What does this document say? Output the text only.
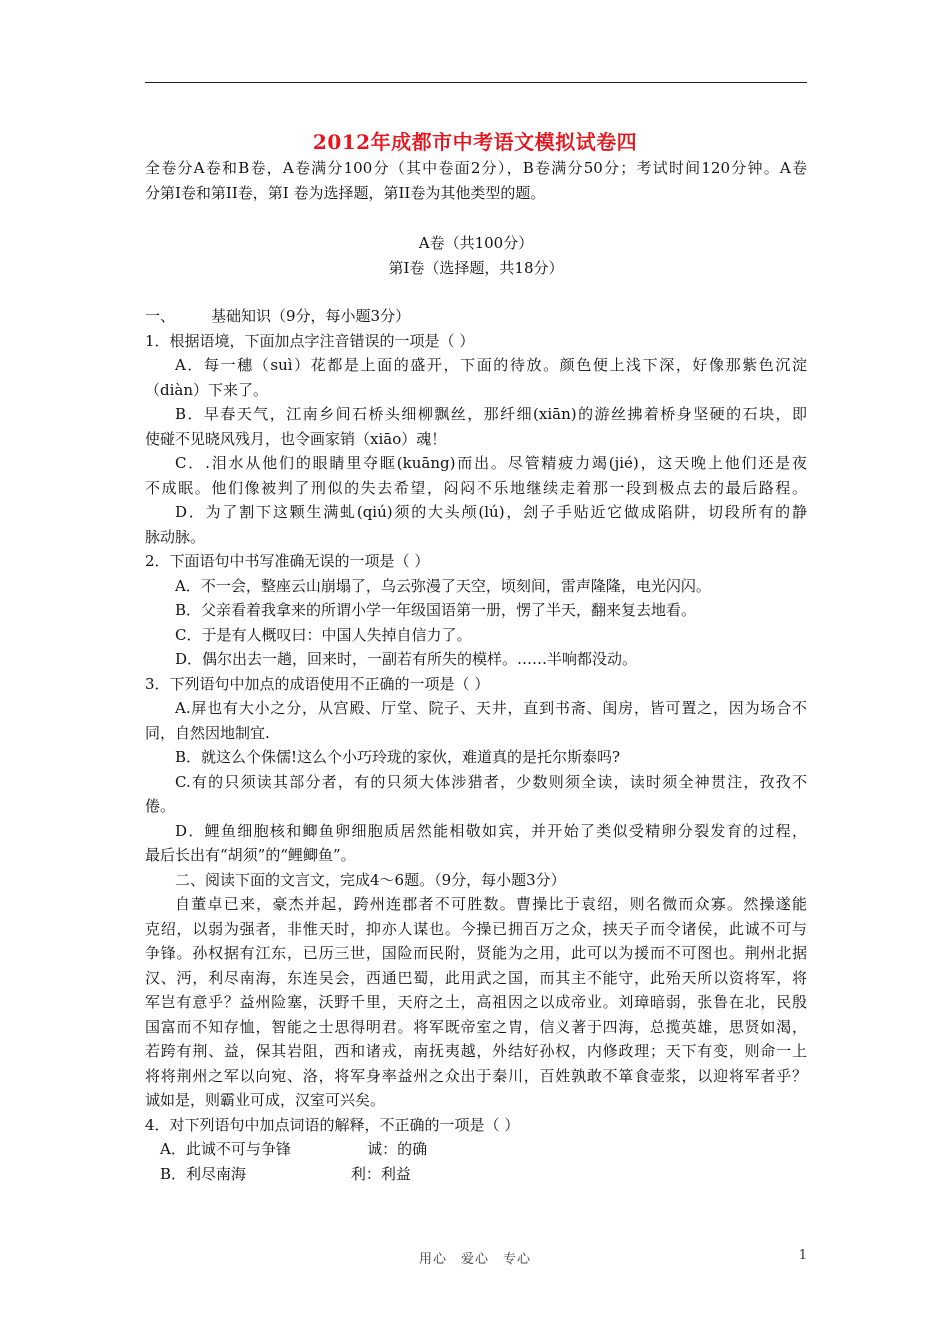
2012年成都市中考语文模拟试卷四
全卷分A卷和B卷，A卷满分100分（其中卷面2分），B卷满分50分；考试时间120分钟。A卷
分第Ⅰ卷和第II卷，第Ⅰ 卷为选择题，第II卷为其他类型的题。
A卷（共100分）
第Ⅰ卷（选择题，共18分）
一、 基础知识（9分，每小题3分）
1．根据语境，下面加点字注音错误的一项是（ ）
A．每一穗（suì）花都是上面的盛开，下面的待放。颜色便上浅下深，好像那紫色沉淀
（diàn）下来了。
B．早春天气，江南乡间石桥头细柳飘丝，那纤细(xiān)的游丝拂着桥身坚硬的石块，即
使碰不见晓风残月，也令画家销（xiāo）魂！
C．.泪水从他们的眼睛里夺眶(kuāng)而出。尽管精疲力竭(jié)，这天晚上他们还是夜
不成眠。他们像被判了刑似的失去希望，闷闷不乐地继续走着那一段到极点去的最后路程。
D．为了割下这颗生满虬(qiú)须的大头颅(lú)，刽子手贴近它做成陷阱，切段所有的静
脉动脉。
2．下面语句中书写准确无误的一项是（ ）
A．不一会，整座云山崩塌了，乌云弥漫了天空，顷刻间，雷声隆隆，电光闪闪。
B．父亲看着我拿来的所谓小学一年级国语第一册，愣了半天，翻来复去地看。
C．于是有人概叹曰：中国人失掉自信力了。
D．偶尔出去一趟，回来时，一副若有所失的模样。……半响都没动。
3．下列语句中加点的成语使用不正确的一项是（ ）
A.屏也有大小之分，从宫殿、厅堂、院子、天井，直到书斋、闺房，皆可置之，因为场合不
同，自然因地制宜.
B．就这么个侏儒!这么个小巧玲珑的家伙，难道真的是托尔斯泰吗?
C.有的只须读其部分者，有的只须大体涉猎者，少数则须全读，读时须全神贯注，孜孜不
倦。
D．鲤鱼细胞核和鲫鱼卵细胞质居然能相敬如宾，并开始了类似受精卵分裂发育的过程，
最后长出有“胡须”的“鲤鲫鱼”。
二、阅读下面的文言文，完成4～6题。（9分，每小题3分）
自董卓已来，豪杰并起，跨州连郡者不可胜数。曹操比于袁绍，则名微而众寡。然操遂能
克绍，以弱为强者，非惟天时，抑亦人谋也。今操已拥百万之众，挟天子而令诸侯，此诚不可与
争锋。孙权据有江东，已历三世，国险而民附，贤能为之用，此可以为援而不可图也。荆州北据
汉、沔，利尽南海，东连吴会，西通巴蜀，此用武之国，而其主不能守，此殆天所以资将军，将
军岂有意乎？益州险塞，沃野千里，天府之土，高祖因之以成帝业。刘璋暗弱，张鲁在北，民殷
国富而不知存恤，智能之士思得明君。将军既帝室之胄，信义著于四海，总揽英雄，思贤如渴，
若跨有荆、益，保其岩阻，西和诸戎，南抚夷越，外结好孙权，内修政理；天下有变，则命一上
将将荆州之军以向宛、洛，将军身率益州之众出于秦川，百姓孰敢不箪食壶浆，以迎将军者乎？
诚如是，则霸业可成，汉室可兴矣。
4．对下列语句中加点词语的解释，不正确的一项是（ ）
A．此诚不可与争锋                诚：的确
B．利尽南海                      利：利益
用心　爱心　专心	1
